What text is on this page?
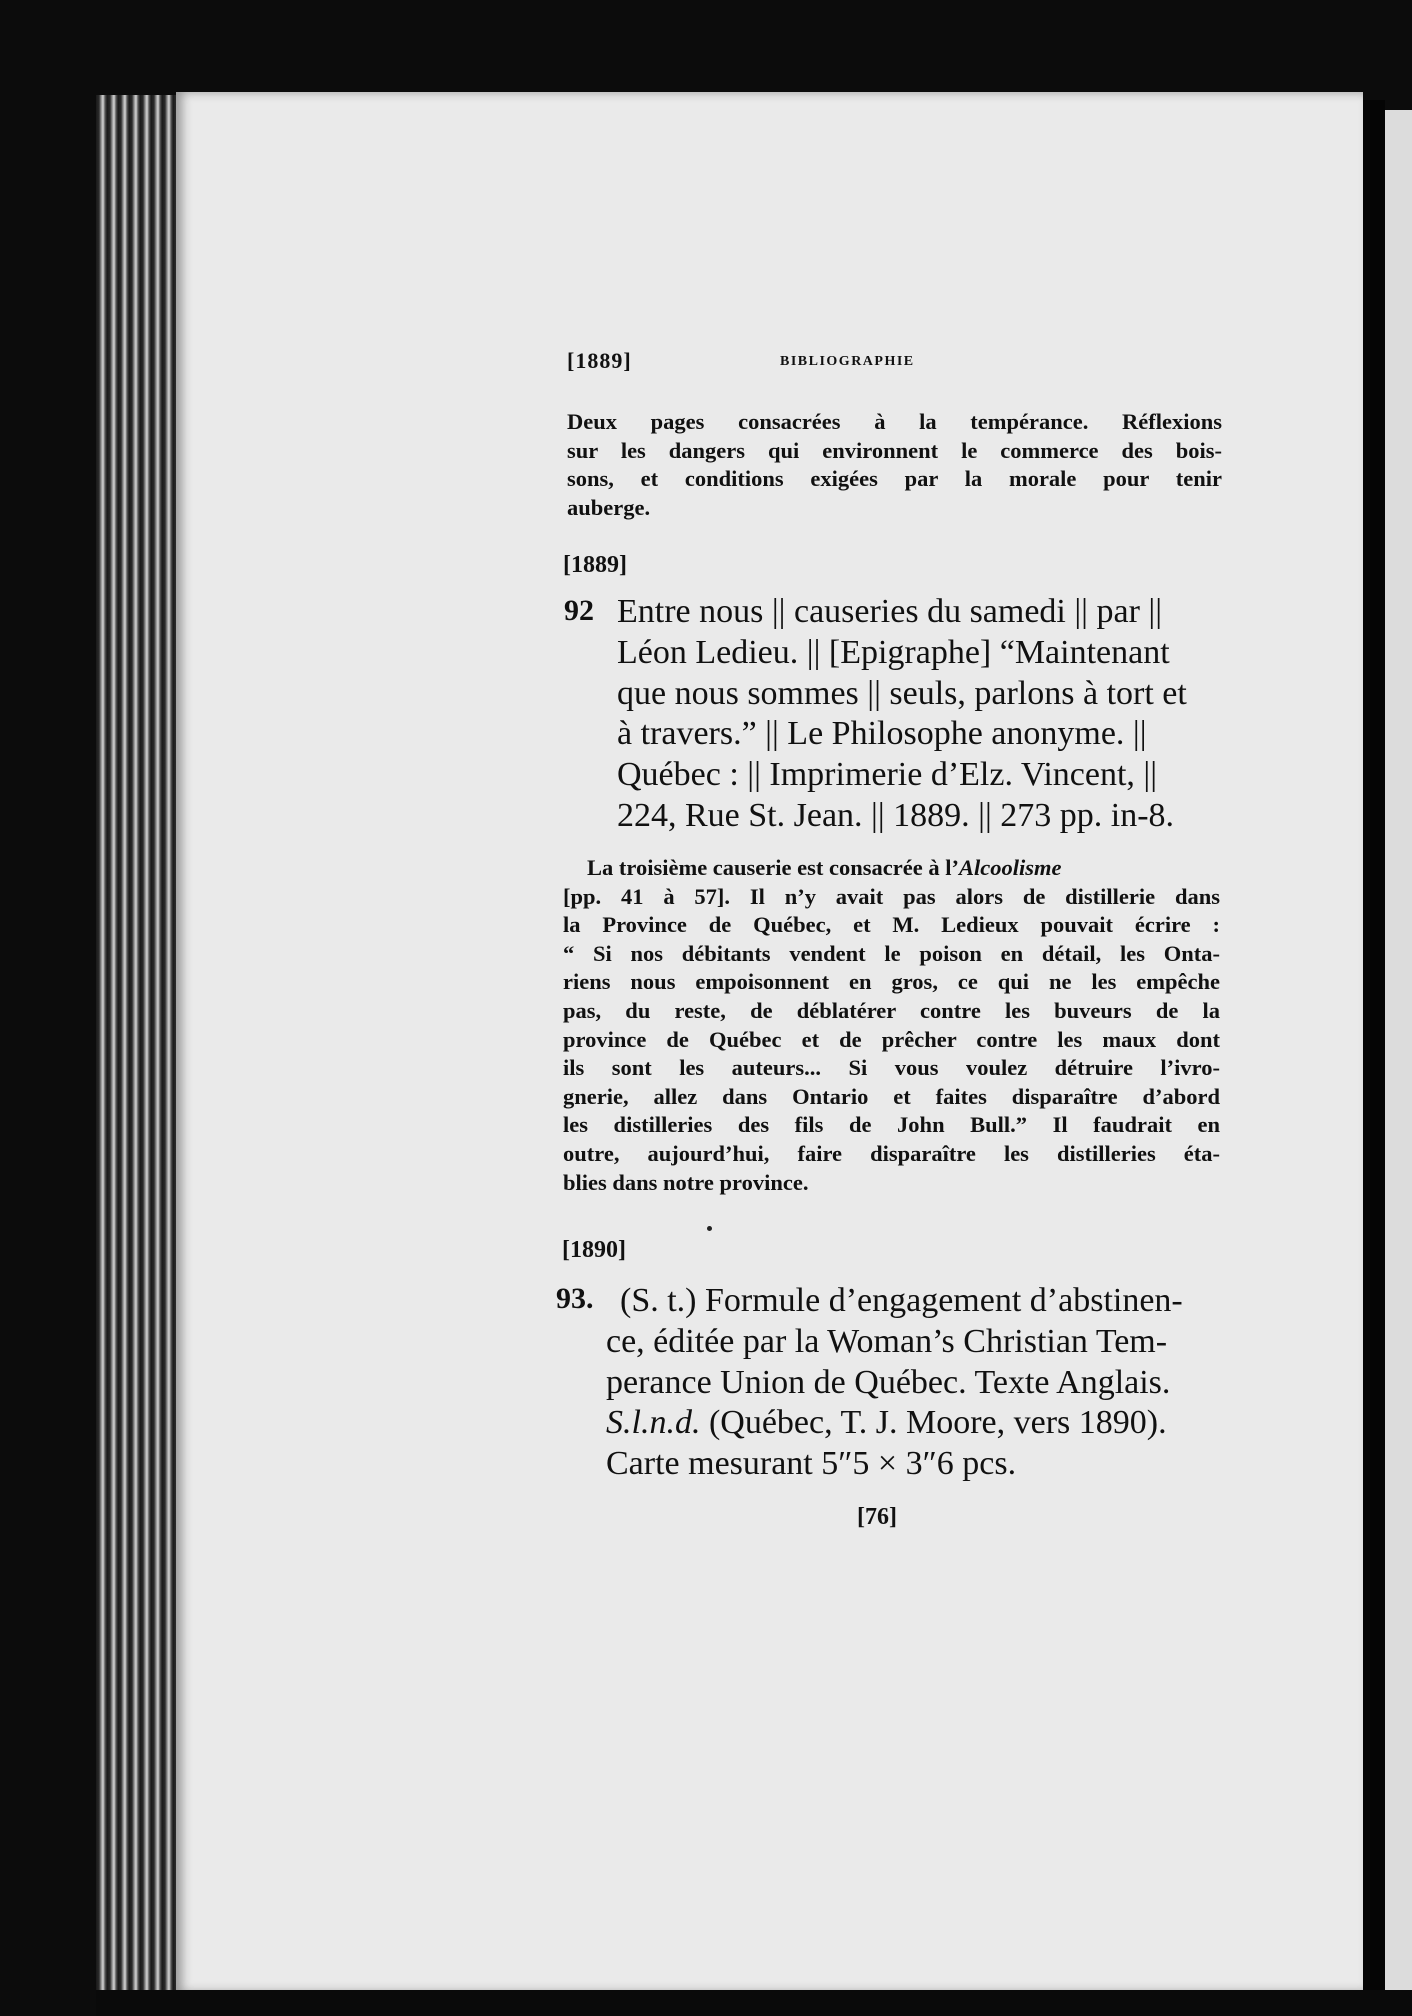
[1889]	BIBLIOGRAPHIE
Deux pages consacrées à la tempérance. Réflexions
sur les dangers qui environnent le commerce des bois-
sons, et conditions exigées par la morale pour tenir
auberge.
[1889]
92 Entre nous || causeries du samedi || par ||
Léon Ledieu. || [Epigraphe] “Maintenant
que nous sommes || seuls, parlons à tort et
à travers.” || Le Philosophe anonyme. ||
Québec : || Imprimerie d’Elz. Vincent, ||
224, Rue St. Jean. || 1889. || 273 pp. in-8.
La troisième causerie est consacrée à l’Alcoolisme
[pp. 41 à 57]. Il n’y avait pas alors de distillerie dans
la Province de Québec, et M. Ledieux pouvait écrire :
“ Si nos débitants vendent le poison en détail, les Onta-
riens nous empoisonnent en gros, ce qui ne les empêche
pas, du reste, de déblatérer contre les buveurs de la
province de Québec et de prêcher contre les maux dont
ils sont les auteurs... Si vous voulez détruire l’ivro-
gnerie, allez dans Ontario et faites disparaître d’abord
les distilleries des fils de John Bull.” Il faudrait en
outre, aujourd’hui, faire disparaître les distilleries éta-
blies dans notre province.
[1890]
93. (S. t.) Formule d’engagement d’abstinen-
ce, éditée par la Woman’s Christian Tem-
perance Union de Québec. Texte Anglais.
S.l.n.d. (Québec, T. J. Moore, vers 1890).
Carte mesurant 5″5 × 3″6 pcs.
[76]
